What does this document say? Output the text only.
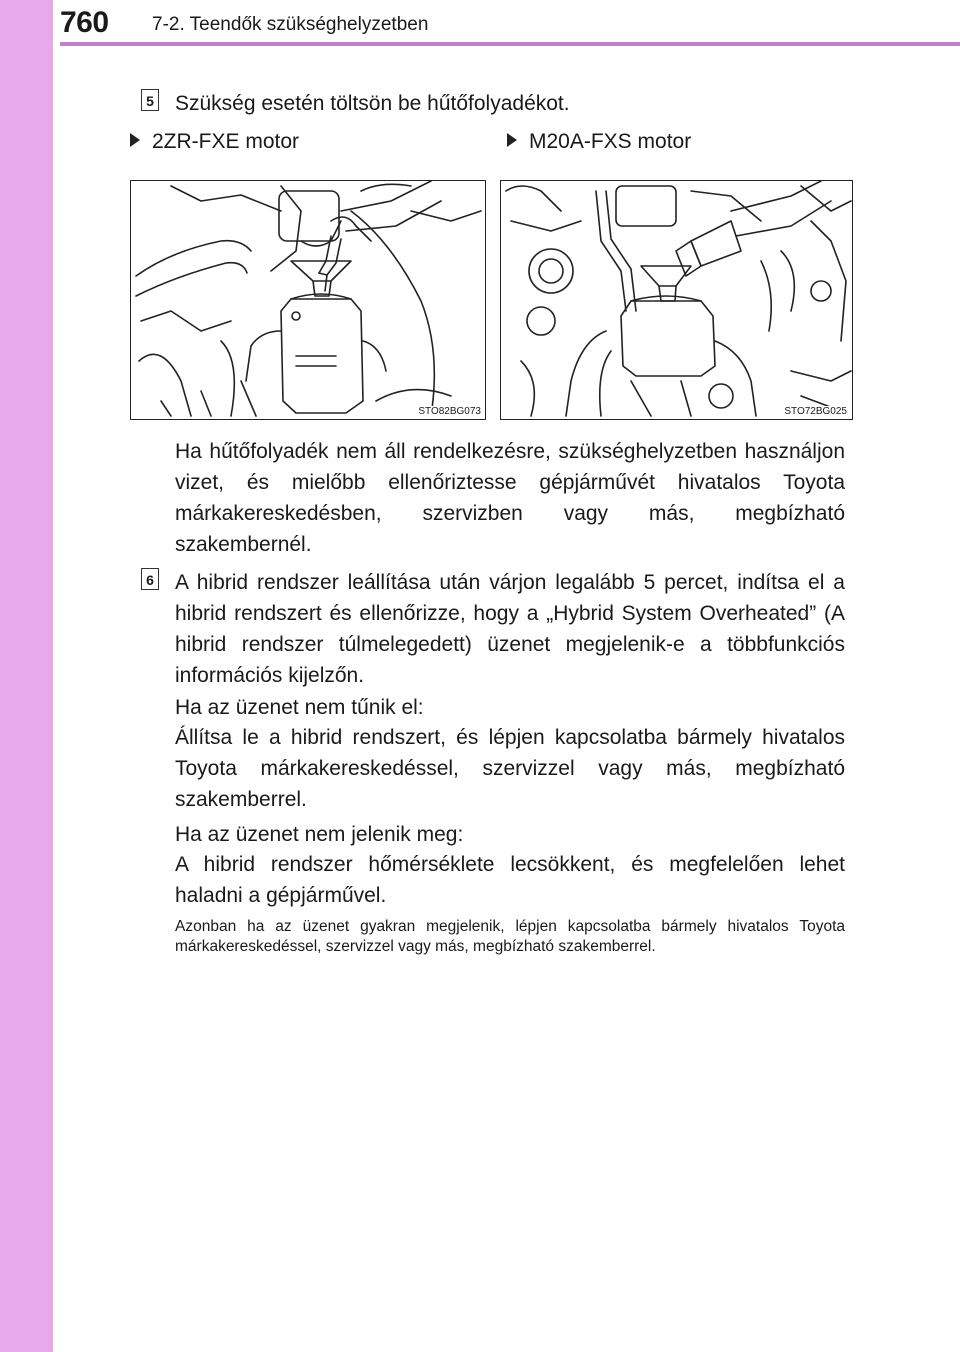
760 7-2. Teendők szükséghelyzetben
5 Szükség esetén töltsön be hűtőfolyadékot.
2ZR-FXE motor	M20A-FXS motor
STO82BG073	STO72BG025
Ha hűtőfolyadék nem áll rendelkezésre, szükséghelyzetben használjon vizet, és mielőbb ellenőriztesse gépjárművét hivatalos Toyota márkakereskedésben, szervizben vagy más, megbízható szakembernél.
6 A hibrid rendszer leállítása után várjon legalább 5 percet, indítsa el a hibrid rendszert és ellenőrizze, hogy a „Hybrid System Overheated” (A hibrid rendszer túlmelegedett) üzenet megjelenik-e a többfunkciós információs kijelzőn.
Ha az üzenet nem tűnik el:
Állítsa le a hibrid rendszert, és lépjen kapcsolatba bármely hivatalos Toyota márkakereskedéssel, szervizzel vagy más, megbízható szakemberrel.
Ha az üzenet nem jelenik meg:
A hibrid rendszer hőmérséklete lecsökkent, és megfelelően lehet haladni a gépjárművel.
Azonban ha az üzenet gyakran megjelenik, lépjen kapcsolatba bármely hivatalos Toyota márkakereskedéssel, szervizzel vagy más, megbízható szakemberrel.
